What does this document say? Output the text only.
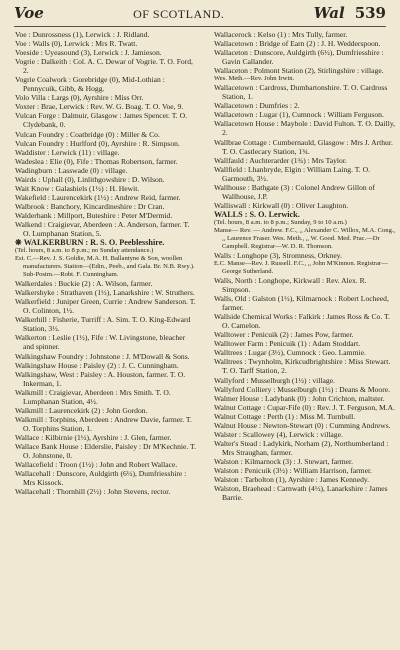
Voe	OF SCOTLAND.	Wal 539

Voe : Dunrossness (1), Lerwick : J. Ridland.

Voe : Walls (0), Lerwick : Mrs R. Twatt.

Voeside : Uyeasound (3), Lerwick : J. Jamieson.

Vogrie : Dalkeith : Col. A. C. Dewar of Vogrie. T. O. Ford, 2.

Vogrie Coalwork : Gorebridge (0), Mid-Lothian : Pennycuik, Gibb, & Hogg.

Volo Villa : Largs (0), Ayrshire : Miss Orr.

Voxter : Brae, Lerwick : Rev. W. G. Boag. T. O. Voe, 9.

Vulcan Forge : Dalmuir, Glasgow : James Spencer. T. O. Clydebank, 0.

Vulcan Foundry : Coatbridge (0) : Miller & Co.

Vulcan Foundry : Hurlford (0), Ayrshire : R. Simpson.

Waddister : Lerwick (11) : village.

Wadeslea : Elie (0), Fife : Thomas Robertson, farmer.

Wadingburn : Lasswade (0) : village.

Wairds : Uphall (0), Linlithgowshire : D. Wilson.

Wait Know : Galashiels (1½) : H. Hewit.

Wakefield : Laurencekirk (1½) : Andrew Reid, farmer.

Walbrook : Banchory, Kincardineshire : Dr Cran.

Walderbank : Millport, Buteshire : Peter M'Dermid.

Walkend : Craigievar, Aberdeen : A. Anderson, farmer. T. O. Lumphanan Station, 5.

❋ WALKERBURN : R. S. O. Peeblesshire.

(Tel. hours, 8 a.m. to 8 p.m.; no Sunday attendance.)

Est. C.—Rev. J. S. Goldie, M.A. H. Ballantyne & Son, woollen manufacturers. Station—(Edin., Peeb., and Gala. Br. N.B. Rwy.). Sub-Postm.—Robt. F. Cunningham.

Walkerdales : Buckie (2) : A. Wilson, farmer.

Walkershyke : Strathaven (1½), Lanarkshire : W. Struthers.

Walkerfield : Juniper Green, Currie : Andrew Sanderson. T. O. Colinton, 1½.

Walkerhill : Fisherie, Turriff : A. Sim. T. O. King-Edward Station, 3½.

Walkerton : Leslie (1½), Fife : W. Livingstone, bleacher and spinner.

Walkingshaw Foundry : Johnstone : J. M'Dowall & Sons.

Walkingshaw House : Paisley (2) : J. C. Cunningham.

Walkingshaw, West : Paisley : A. Houston, farmer. T. O. Inkerman, 1.

Walkmill : Craigievar, Aberdeen : Mrs Smith. T. O. Lumphanan Station, 4½.

Walkmill : Laurencekirk (2) : John Gordon.

Walkmill : Torphins, Aberdeen : Andrew Davie, farmer. T. O. Torphins Station, 1.

Wallace : Kilbirnie (1½), Ayrshire : J. Glen, farmer.

Wallace Bank House : Elderslie, Paisley : Dr M'Kechnie. T. O. Johnstone, 0.

Wallacefield : Troon (1½) : John and Robert Wallace.

Wallacehall : Dunscore, Auldgirth (6½), Dumfriesshire : Mrs Kissock.

Wallacehall : Thornhill (2½) : John Stevens, rector.

Wallacerock : Kelso (1) : Mrs Tully, farmer.

Wallacetown : Bridge of Earn (2) : J. H. Wedderspoon.

Wallaceton : Dunscore, Auldgirth (6½), Dumfriesshire : Gavin Callander.

Wallaceton : Polmont Station (2), Stirlingshire : village.

Wes. Meth.—Rev. John Irwin.

Wallacetown : Cardross, Dumbartonshire. T. O. Cardross Station, 1.

Wallacetown : Dumfries : 2.

Wallacetown : Lugar (1), Cumnock : William Ferguson.

Wallacetown House : Maybole : David Fulton. T. O. Dailly, 2.

Wallbrae Cottage : Cumbernauld, Glasgow : Mrs J. Arthur. T. O. Castlecary Station, 1¾.

Wallfauld : Auchterarder (1¾) : Mrs Taylor.

Wallfield : Lhanbryde, Elgin : William Laing. T. O. Garmouth, 3½.

Wallhouse : Bathgate (3) : Colonel Andrew Gillon of Wallhouse, J.P.

Walliswall : Kirkwall (0) : Oliver Laughton.

WALLS : S. O. Lerwick.

(Tel. hours, 8 a.m. to 8 p.m.; Sunday, 9 to 10 a.m.)

Manse— Rev. — Andrew. F.C., ,, Alexander C. Willox, M.A. Cong., ,, Laurence Fraser. Wes. Meth., ,, W. Good. Med. Prac.—Dr Campbell. Registrar—W. D. R. Thomson.

Walls : Longhope (3), Stromness, Orkney.

E.C. Manse—Rev. J. Russell. F.C., ,, John M'Kinnon. Registrar—George Sutherland.

Walls, North : Longhope, Kirkwall : Rev. Alex. R. Simpson.

Walls, Old : Galston (1½), Kilmarnock : Robert Locheed, farmer.

Wallside Chemical Works : Falkirk : James Ross & Co. T. O. Camelon.

Walltower : Penicuik (2) : James Pow, farmer.

Walltower Farm : Penicuik (1) : Adam Stoddart.

Walltrees : Lugar (3½), Cumnock : Geo. Lammie.

Walltrees : Twynholm, Kirkcudbrightshire : Miss Stewart. T. O. Tarff Station, 2.

Wallyford : Musselburgh (1½) : village.

Wallyford Colliery : Musselburgh (1½) : Deans & Moore.

Walmer House : Ladybank (0) : John Crichton, maltster.

Walnut Cottage : Cupar-Fife (0) : Rev. J. T. Ferguson, M.A.

Walnut Cottage : Perth (1) : Miss M. Turnbull.

Walnut House : Newton-Stewart (0) : Cumming Andrews.

Walster : Scallowey (4), Lerwick : village.

Walter's Stead : Ladykirk, Norham (2), Northumberland : Mrs Straughan, farmer.

Walston : Kilmarnock (3) : J. Stewart, farmer.

Walston : Penicuik (3½) : William Harrison, farmer.

Walston : Tarbolton (1), Ayrshire : James Kennedy.

Walston, Braehead : Carnwath (4½), Lanarkshire : James Barrie.
